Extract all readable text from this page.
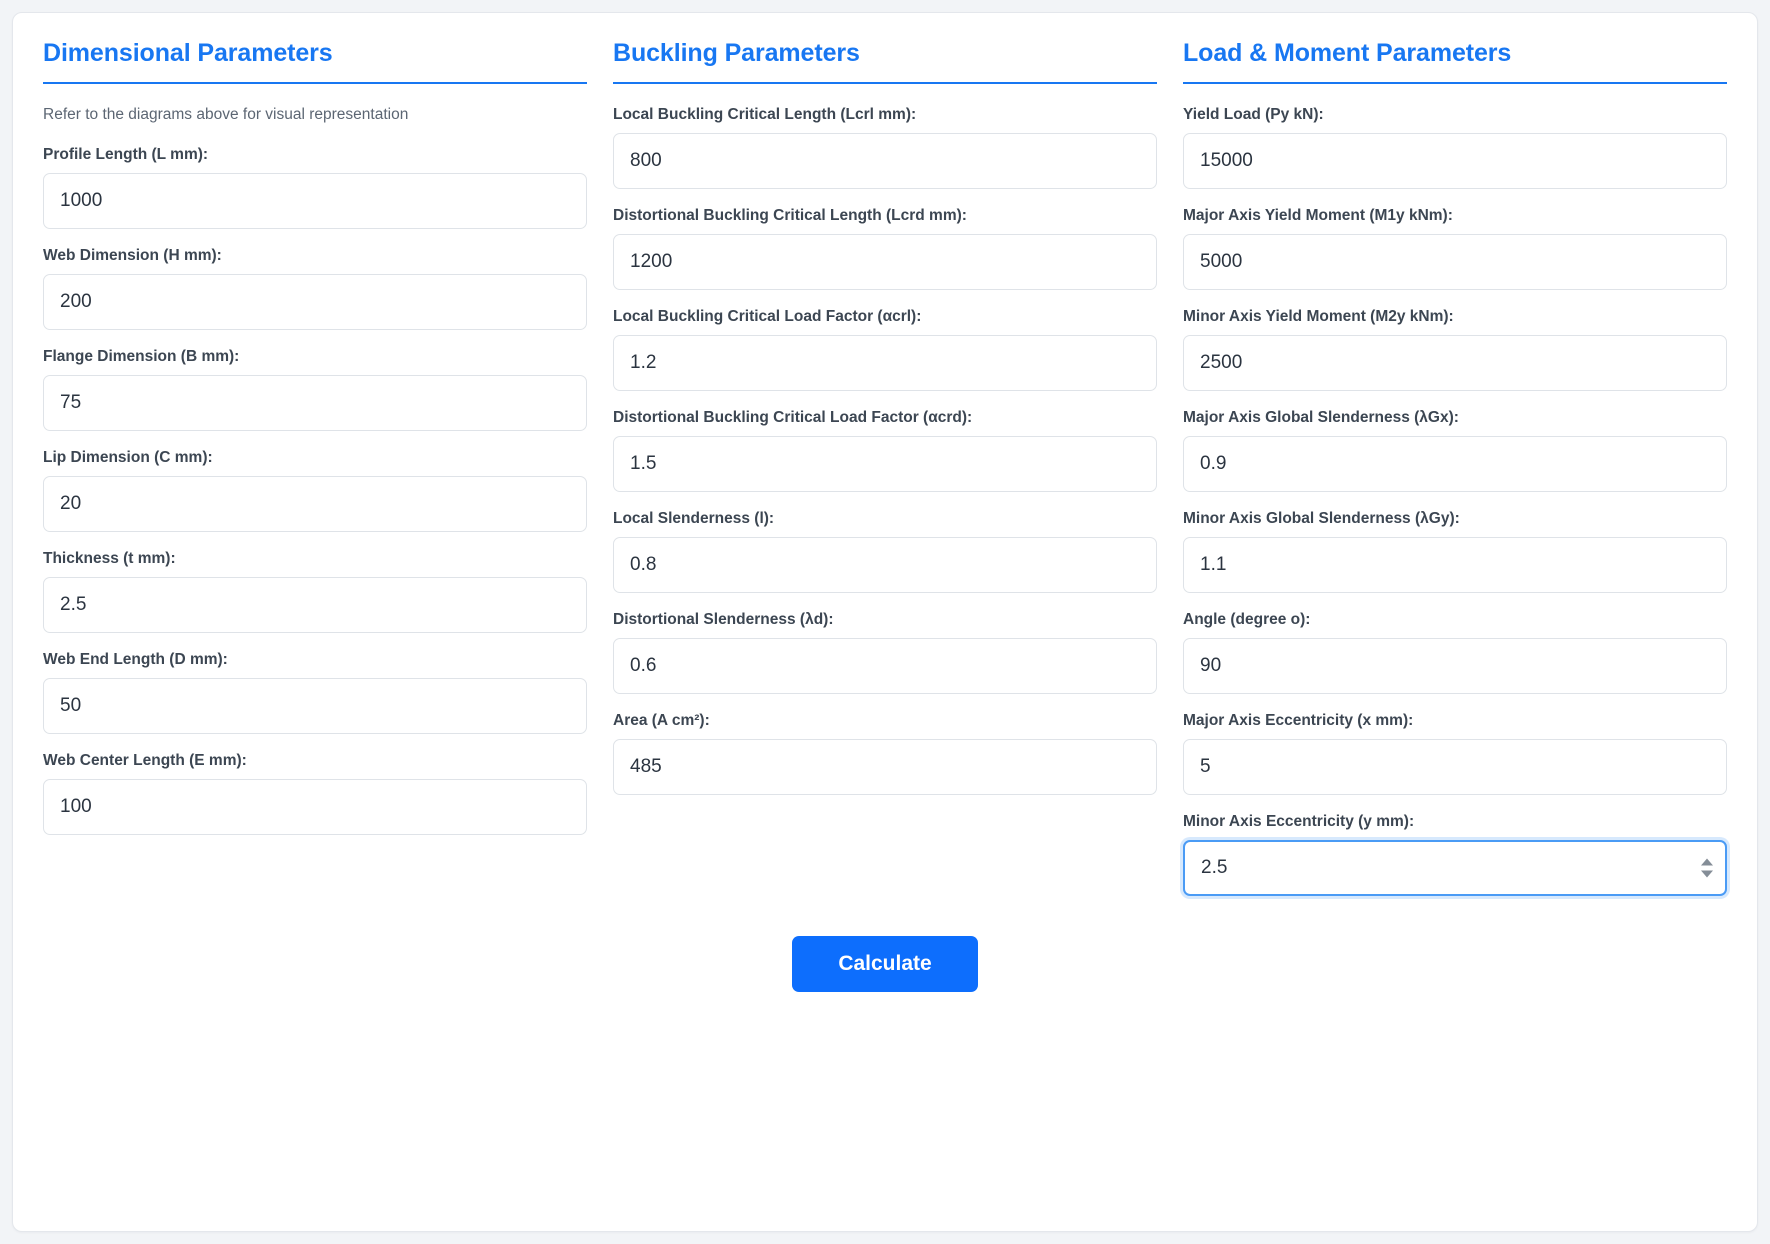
Dimensional Parameters
Refer to the diagrams above for visual representation
Profile Length (L mm):
1000
Web Dimension (H mm):
200
Flange Dimension (B mm):
75
Lip Dimension (C mm):
20
Thickness (t mm):
2.5
Web End Length (D mm):
50
Web Center Length (E mm):
100
Buckling Parameters
Local Buckling Critical Length (Lcrl mm):
800
Distortional Buckling Critical Length (Lcrd mm):
1200
Local Buckling Critical Load Factor (αcrl):
1.2
Distortional Buckling Critical Load Factor (αcrd):
1.5
Local Slenderness (l):
0.8
Distortional Slenderness (λd):
0.6
Area (A cm²):
485
Load & Moment Parameters
Yield Load (Py kN):
15000
Major Axis Yield Moment (M1y kNm):
5000
Minor Axis Yield Moment (M2y kNm):
2500
Major Axis Global Slenderness (λGx):
0.9
Minor Axis Global Slenderness (λGy):
1.1
Angle (degree o):
90
Major Axis Eccentricity (x mm):
5
Minor Axis Eccentricity (y mm):
2.5
Calculate
